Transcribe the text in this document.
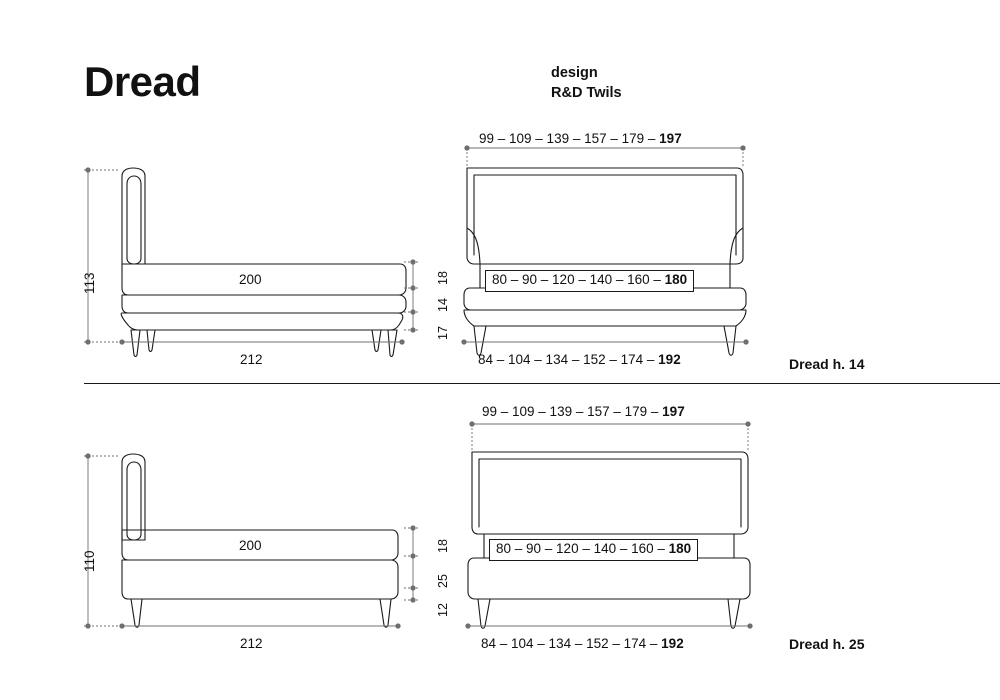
Dread	design
R&D Twils
Dread h. 14
Dread h. 25
113	200
212
18
14
17
99 – 109 – 139 – 157 – 179 – 197
80 – 90 – 120 – 140 – 160 – 180
84 – 104 – 134 – 152 – 174 – 192
110
200
212
18
25
12
99 – 109 – 139 – 157 – 179 – 197
80 – 90 – 120 – 140 – 160 – 180
84 – 104 – 134 – 152 – 174 – 192
